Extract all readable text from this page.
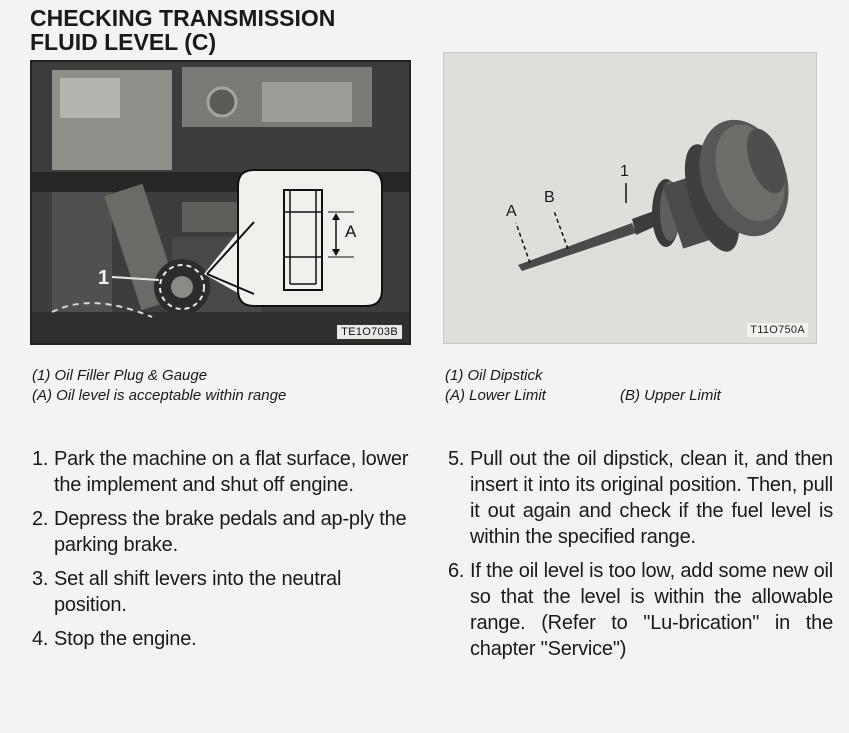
CHECKING TRANSMISSION
FLUID LEVEL (C)
1
A
TE1O703B
A
B
1
T11O750A
(1) Oil Filler Plug & Gauge
(A) Oil level is acceptable within range
(1) Oil Dipstick
(A) Lower Limit	(B) Upper Limit
1. Park the machine on a flat surface, lower the implement and shut off engine.
2. Depress the brake pedals and ap-ply the parking brake.
3. Set all shift levers into the neutral position.
4. Stop the engine.
5. Pull out the oil dipstick, clean it, and then insert it into its original position. Then, pull it out again and check if the fuel level is within the specified range.
6. If the oil level is too low, add some new oil so that the level is within the allowable range. (Refer to "Lu-brication" in the chapter "Service")
